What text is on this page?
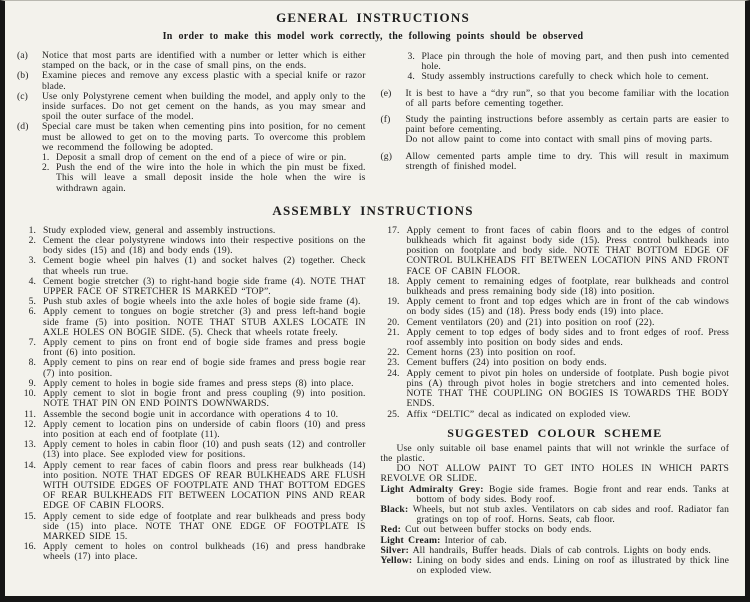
GENERAL INSTRUCTIONS
In order to make this model work correctly, the following points should be observed
(a)	Notice that most parts are identified with a number or letter which is either stamped on the back, or in the case of small pins, on the ends.
(b)	Examine pieces and remove any excess plastic with a special knife or razor blade.
(c)	Use only Polystyrene cement when building the model, and apply only to the inside surfaces. Do not get cement on the hands, as you may smear and spoil the outer surface of the model.
(d)	Special care must be taken when cementing pins into position, for no cement must be allowed to get on to the moving parts. To overcome this problem we recommend the following be adopted.
1. Deposit a small drop of cement on the end of a piece of wire or pin.
2. Push the end of the wire into the hole in which the pin must be fixed. This will leave a small deposit inside the hole when the wire is withdrawn again.
3. Place pin through the hole of moving part, and then push into cemented hole.
4. Study assembly instructions carefully to check which hole to cement.
(e)	It is best to have a “dry run”, so that you become familiar with the location of all parts before cementing together.
(f)	Study the painting instructions before assembly as certain parts are easier to paint before cementing.
Do not allow paint to come into contact with small pins of moving parts.
(g)	Allow cemented parts ample time to dry. This will result in maximum strength of finished model.
ASSEMBLY INSTRUCTIONS
1. Study exploded view, general and assembly instructions.
2. Cement the clear polystyrene windows into their respective positions on the body sides (15) and (18) and body ends (19).
3. Cement bogie wheel pin halves (1) and socket halves (2) together. Check that wheels run true.
4. Cement bogie stretcher (3) to right-hand bogie side frame (4). NOTE THAT UPPER FACE OF STRETCHER IS MARKED “TOP”.
5. Push stub axles of bogie wheels into the axle holes of bogie side frame (4).
6. Apply cement to tongues on bogie stretcher (3) and press left-hand bogie side frame (5) into position. NOTE THAT STUB AXLES LOCATE IN AXLE HOLES ON BOGIE SIDE. (5). Check that wheels rotate freely.
7. Apply cement to pins on front end of bogie side frames and press bogie front (6) into position.
8. Apply cement to pins on rear end of bogie side frames and press bogie rear (7) into position.
9. Apply cement to holes in bogie side frames and press steps (8) into place.
10. Apply cement to slot in bogie front and press coupling (9) into position. NOTE THAT PIN ON END POINTS DOWNWARDS.
11. Assemble the second bogie unit in accordance with operations 4 to 10.
12. Apply cement to location pins on underside of cabin floors (10) and press into position at each end of footplate (11).
13. Apply cement to holes in cabin floor (10) and push seats (12) and controller (13) into place. See exploded view for positions.
14. Apply cement to rear faces of cabin floors and press rear bulkheads (14) into position. NOTE THAT EDGES OF REAR BULKHEADS ARE FLUSH WITH OUTSIDE EDGES OF FOOTPLATE AND THAT BOTTOM EDGES OF REAR BULKHEADS FIT BETWEEN LOCATION PINS AND REAR EDGE OF CABIN FLOORS.
15. Apply cement to side edge of footplate and rear bulkheads and press body side (15) into place. NOTE THAT ONE EDGE OF FOOTPLATE IS MARKED SIDE 15.
16. Apply cement to holes on control bulkheads (16) and press handbrake wheels (17) into place.
17. Apply cement to front faces of cabin floors and to the edges of control bulkheads which fit against body side (15). Press control bulkheads into position on footplate and body side. NOTE THAT BOTTOM EDGE OF CONTROL BULKHEADS FIT BETWEEN LOCATION PINS AND FRONT FACE OF CABIN FLOOR.
18. Apply cement to remaining edges of footplate, rear bulkheads and control bulkheads and press remaining body side (18) into position.
19. Apply cement to front and top edges which are in front of the cab windows on body sides (15) and (18). Press body ends (19) into place.
20. Cement ventilators (20) and (21) into position on roof (22).
21. Apply cement to top edges of body sides and to front edges of roof. Press roof assembly into position on body sides and ends.
22. Cement horns (23) into position on roof.
23. Cement buffers (24) into position on body ends.
24. Apply cement to pivot pin holes on underside of footplate. Push bogie pivot pins (A) through pivot holes in bogie stretchers and into cemented holes. NOTE THAT THE COUPLING ON BOGIES IS TOWARDS THE BODY ENDS.
25. Affix “DELTIC” decal as indicated on exploded view.
SUGGESTED COLOUR SCHEME

Use only suitable oil base enamel paints that will not wrinkle the surface of the plastic.

DO NOT ALLOW PAINT TO GET INTO HOLES IN WHICH PARTS REVOLVE OR SLIDE.

Light Admiralty Grey: Bogie side frames. Bogie front and rear ends. Tanks at bottom of body sides. Body roof.
Black: Wheels, but not stub axles. Ventilators on cab sides and roof. Radiator fan gratings on top of roof. Horns. Seats, cab floor.
Red: Cut out between buffer stocks on body ends.
Light Cream: Interior of cab.
Silver: All handrails, Buffer heads. Dials of cab controls. Lights on body ends.
Yellow: Lining on body sides and ends. Lining on roof as illustrated by thick line on exploded view.
